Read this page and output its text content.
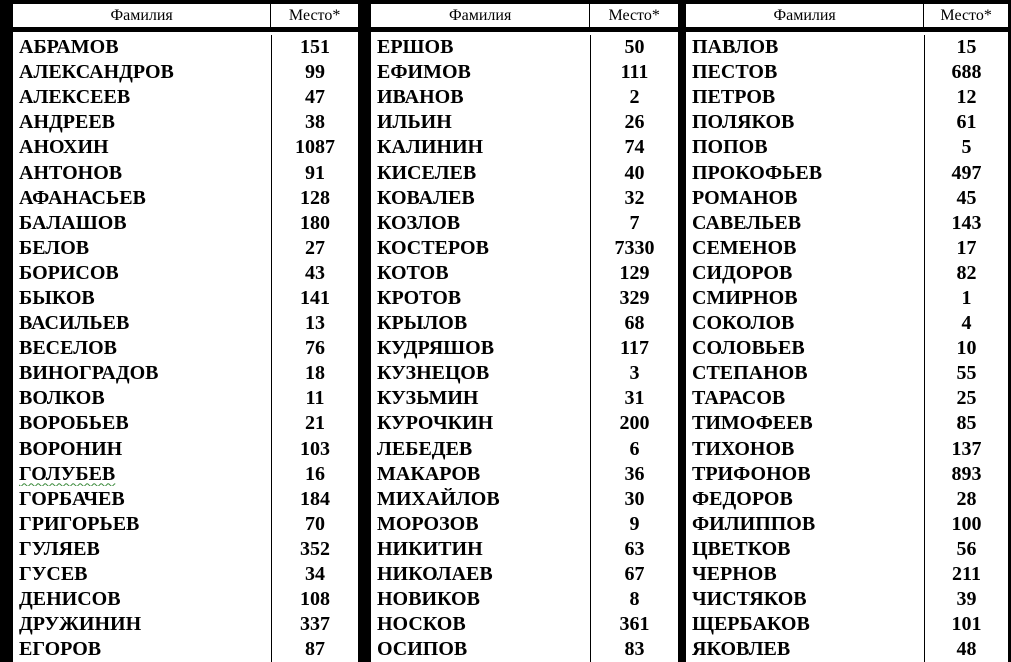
Фамилия	Место*
АБРАМОВ	151
АЛЕКСАНДРОВ	99
АЛЕКСЕЕВ	47
АНДРЕЕВ	38
АНОХИН	1087
АНТОНОВ	91
АФАНАСЬЕВ	128
БАЛАШОВ	180
БЕЛОВ	27
БОРИСОВ	43
БЫКОВ	141
ВАСИЛЬЕВ	13
ВЕСЕЛОВ	76
ВИНОГРАДОВ	18
ВОЛКОВ	11
ВОРОБЬЕВ	21
ВОРОНИН	103
ГОЛУБЕВ	16
ГОРБАЧЕВ	184
ГРИГОРЬЕВ	70
ГУЛЯЕВ	352
ГУСЕВ	34
ДЕНИСОВ	108
ДРУЖИНИН	337
ЕГОРОВ	87
Фамилия	Место*
ЕРШОВ	50
ЕФИМОВ	111
ИВАНОВ	2
ИЛЬИН	26
КАЛИНИН	74
КИСЕЛЕВ	40
КОВАЛЕВ	32
КОЗЛОВ	7
КОСТЕРОВ	7330
КОТОВ	129
КРОТОВ	329
КРЫЛОВ	68
КУДРЯШОВ	117
КУЗНЕЦОВ	3
КУЗЬМИН	31
КУРОЧКИН	200
ЛЕБЕДЕВ	6
МАКАРОВ	36
МИХАЙЛОВ	30
МОРОЗОВ	9
НИКИТИН	63
НИКОЛАЕВ	67
НОВИКОВ	8
НОСКОВ	361
ОСИПОВ	83
Фамилия	Место*
ПАВЛОВ	15
ПЕСТОВ	688
ПЕТРОВ	12
ПОЛЯКОВ	61
ПОПОВ	5
ПРОКОФЬЕВ	497
РОМАНОВ	45
САВЕЛЬЕВ	143
СЕМЕНОВ	17
СИДОРОВ	82
СМИРНОВ	1
СОКОЛОВ	4
СОЛОВЬЕВ	10
СТЕПАНОВ	55
ТАРАСОВ	25
ТИМОФЕЕВ	85
ТИХОНОВ	137
ТРИФОНОВ	893
ФЕДОРОВ	28
ФИЛИППОВ	100
ЦВЕТКОВ	56
ЧЕРНОВ	211
ЧИСТЯКОВ	39
ЩЕРБАКОВ	101
ЯКОВЛЕВ	48
